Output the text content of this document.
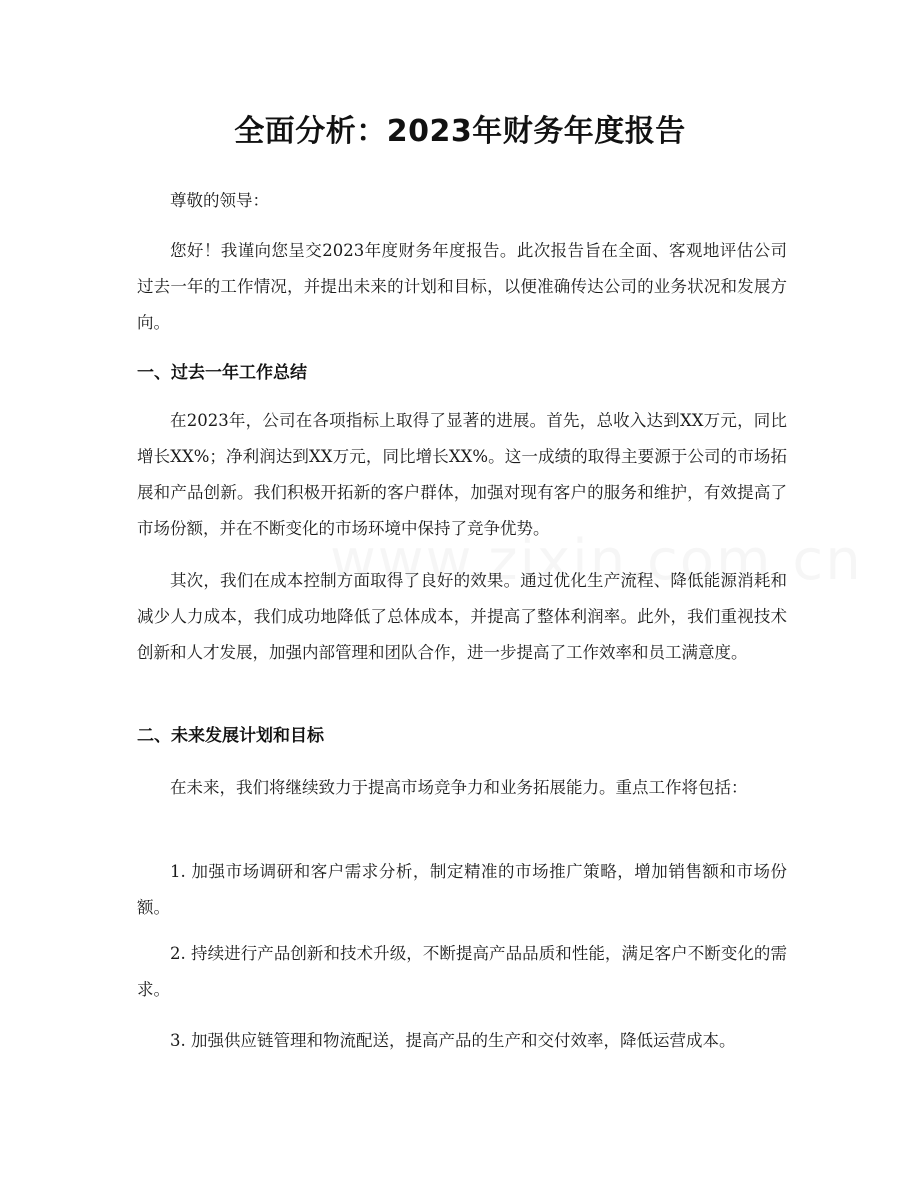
全面分析：2023年财务年度报告

尊敬的领导：

您好！我谨向您呈交2023年度财务年度报告。此次报告旨在全面、客观地评估公司过去一年的工作情况，并提出未来的计划和目标，以便准确传达公司的业务状况和发展方向。

一、过去一年工作总结

在2023年，公司在各项指标上取得了显著的进展。首先，总收入达到XX万元，同比增长XX%；净利润达到XX万元，同比增长XX%。这一成绩的取得主要源于公司的市场拓展和产品创新。我们积极开拓新的客户群体，加强对现有客户的服务和维护，有效提高了市场份额，并在不断变化的市场环境中保持了竞争优势。

其次，我们在成本控制方面取得了良好的效果。通过优化生产流程、降低能源消耗和减少人力成本，我们成功地降低了总体成本，并提高了整体利润率。此外，我们重视技术创新和人才发展，加强内部管理和团队合作，进一步提高了工作效率和员工满意度。

二、未来发展计划和目标

在未来，我们将继续致力于提高市场竞争力和业务拓展能力。重点工作将包括：

1. 加强市场调研和客户需求分析，制定精准的市场推广策略，增加销售额和市场份额。

2. 持续进行产品创新和技术升级，不断提高产品品质和性能，满足客户不断变化的需求。

3. 加强供应链管理和物流配送，提高产品的生产和交付效率，降低运营成本。
